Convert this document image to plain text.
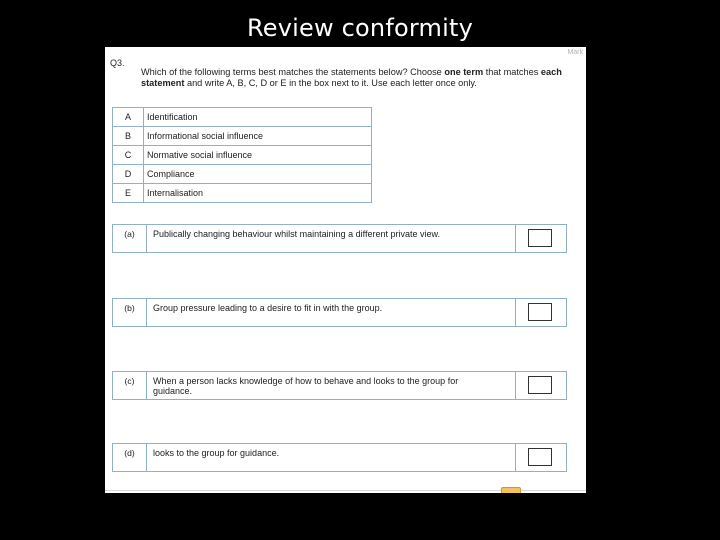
Review conformity
Mark
Q3.
Which of the following terms best matches the statements below? Choose one term that matches each statement and write A, B, C, D or E in the box next to it. Use each letter once only.
A	Identification
B	Informational social influence
C	Normative social influence
D	Compliance
E	Internalisation
(a)	Publically changing behaviour whilst maintaining a different private view.
(b)	Group pressure leading to a desire to fit in with the group.
(c)	When a person lacks knowledge of how to behave and looks to the group for guidance.
(d)	looks to the group for guidance.
